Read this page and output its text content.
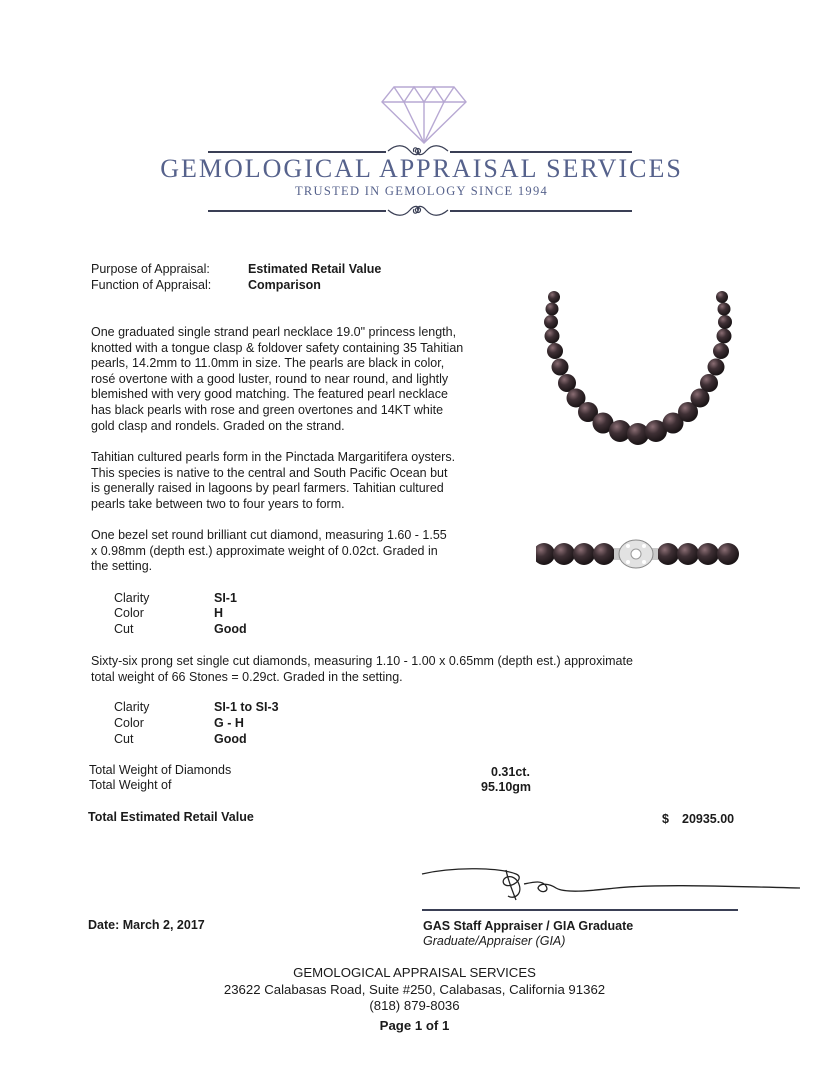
GEMOLOGICAL APPRAISAL SERVICES
TRUSTED IN GEMOLOGY SINCE 1994
Purpose of Appraisal:	Estimated Retail Value
Function of Appraisal:	Comparison
One graduated single strand pearl necklace 19.0" princess length,
knotted with a tongue clasp & foldover safety containing 35 Tahitian
pearls, 14.2mm to 11.0mm in size. The pearls are black in color,
rosé overtone with a good luster, round to near round, and lightly
blemished with very good matching. The featured pearl necklace
has black pearls with rose and green overtones and 14KT white
gold clasp and rondels. Graded on the strand.
Tahitian cultured pearls form in the Pinctada Margaritifera oysters.
This species is native to the central and South Pacific Ocean but
is generally raised in lagoons by pearl farmers. Tahitian cultured
pearls take between two to four years to form.
One bezel set round brilliant cut diamond, measuring 1.60 - 1.55
x 0.98mm (depth est.) approximate weight of 0.02ct. Graded in
the setting.
Clarity	SI-1
Color	H
Cut	Good
Sixty-six prong set single cut diamonds, measuring 1.10 - 1.00 x 0.65mm (depth est.) approximate
total weight of 66 Stones = 0.29ct. Graded in the setting.
Clarity	SI-1 to SI-3
Color	G - H
Cut	Good
Total Weight of Diamonds	0.31ct.
Total Weight of	95.10gm
Total Estimated Retail Value	$ 20935.00
Date: March 2, 2017	GAS Staff Appraiser / GIA Graduate
Graduate/Appraiser (GIA)
GEMOLOGICAL APPRAISAL SERVICES
23622 Calabasas Road, Suite #250, Calabasas, California 91362
(818) 879-8036
Page 1 of 1
